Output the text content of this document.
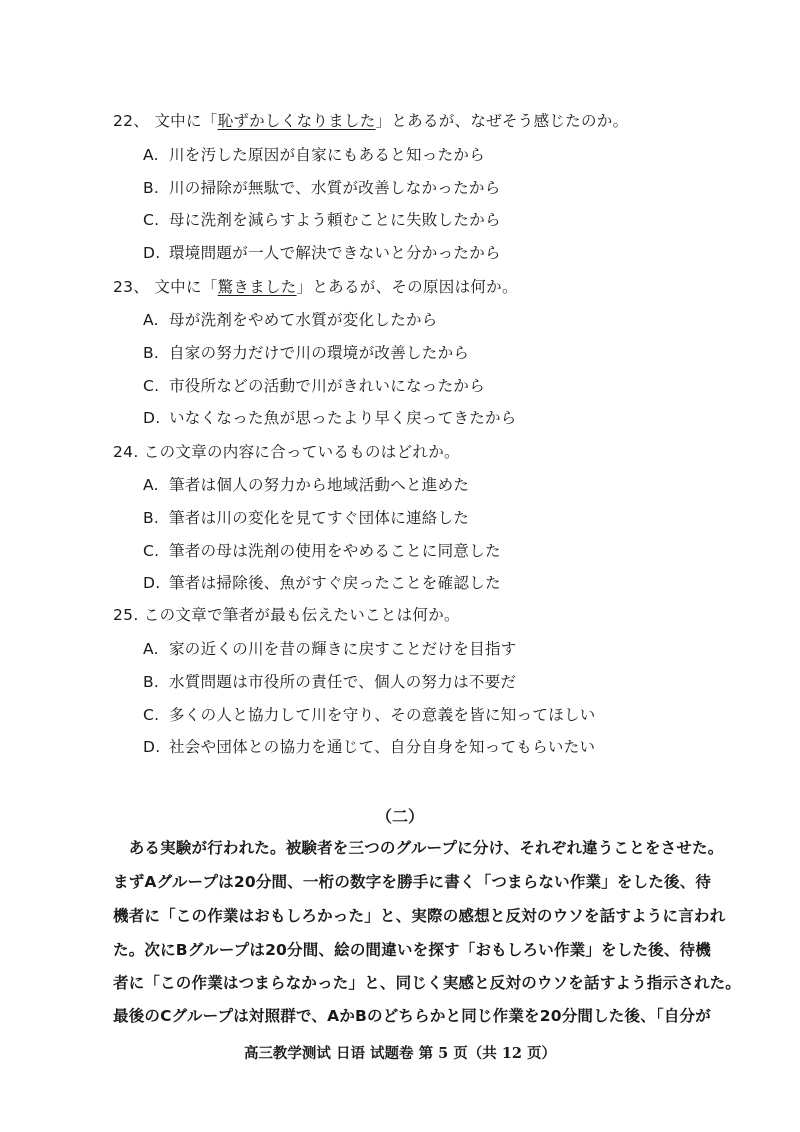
22、 文中に「恥ずかしくなりました」とあるが、なぜそう感じたのか。
A. 川を汚した原因が自家にもあると知ったから
B. 川の掃除が無駄で、水質が改善しなかったから
C. 母に洗剤を減らすよう頼むことに失敗したから
D. 環境問題が一人で解決できないと分かったから
23、 文中に「驚きました」とあるが、その原因は何か。
A. 母が洗剤をやめて水質が変化したから
B. 自家の努力だけで川の環境が改善したから
C. 市役所などの活動で川がきれいになったから
D. いなくなった魚が思ったより早く戻ってきたから
24. この文章の内容に合っているものはどれか。
A. 筆者は個人の努力から地域活動へと進めた
B. 筆者は川の変化を見てすぐ団体に連絡した
C. 筆者の母は洗剤の使用をやめることに同意した
D. 筆者は掃除後、魚がすぐ戻ったことを確認した
25. この文章で筆者が最も伝えたいことは何か。
A. 家の近くの川を昔の輝きに戻すことだけを目指す
B. 水質問題は市役所の責任で、個人の努力は不要だ
C. 多くの人と協力して川を守り、その意義を皆に知ってほしい
D. 社会や団体との協力を通じて、自分自身を知ってもらいたい
（二）
　ある実験が行われた。被験者を三つのグループに分け、それぞれ違うことをさせた。
まずAグループは20分間、一桁の数字を勝手に書く「つまらない作業」をした後、待
機者に「この作業はおもしろかった」と、実際の感想と反対のウソを話すように言われ
た。次にBグループは20分間、絵の間違いを探す「おもしろい作業」をした後、待機
者に「この作業はつまらなかった」と、同じく実感と反対のウソを話すよう指示された。
最後のCグループは対照群で、AかBのどちらかと同じ作業を20分間した後、「自分が
高三教学测试 日语 试题卷 第 5 页（共 12 页）
